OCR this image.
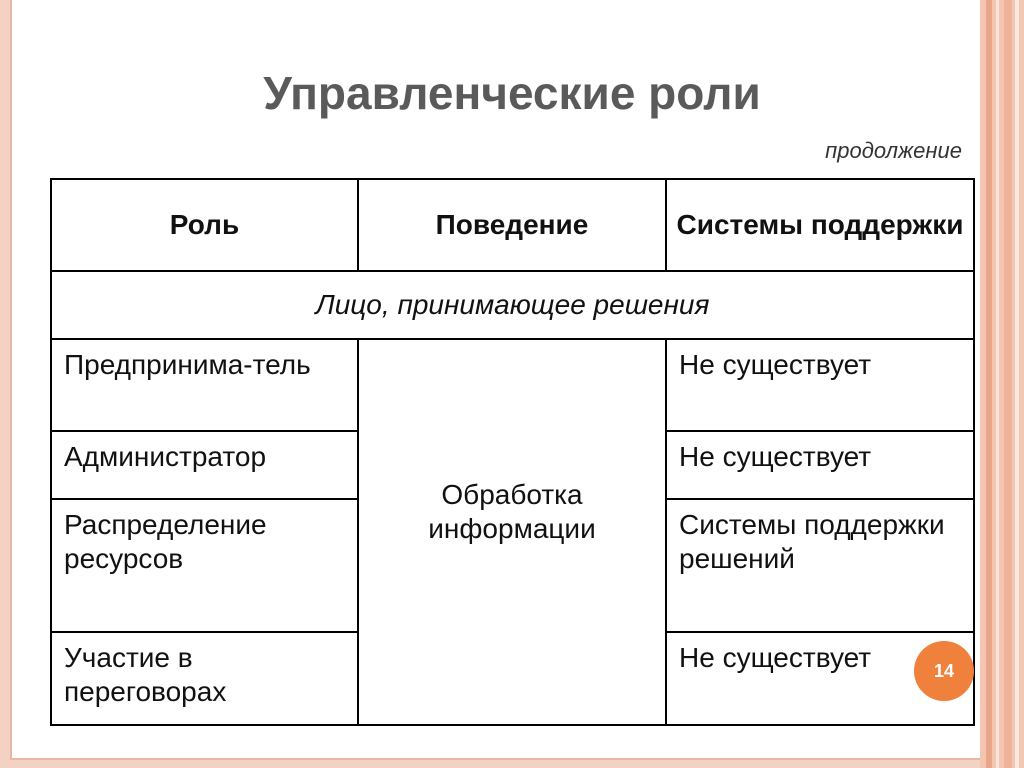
Управленческие роли
продолжение
Роль	Поведение	Системы поддержки
Лицо, принимающее решения		
Предпринима-тель	Обработка информации	Не существует
Администратор		Не существует
Распределение ресурсов		Системы поддержки решений
Участие в переговорах		Не существует	14
